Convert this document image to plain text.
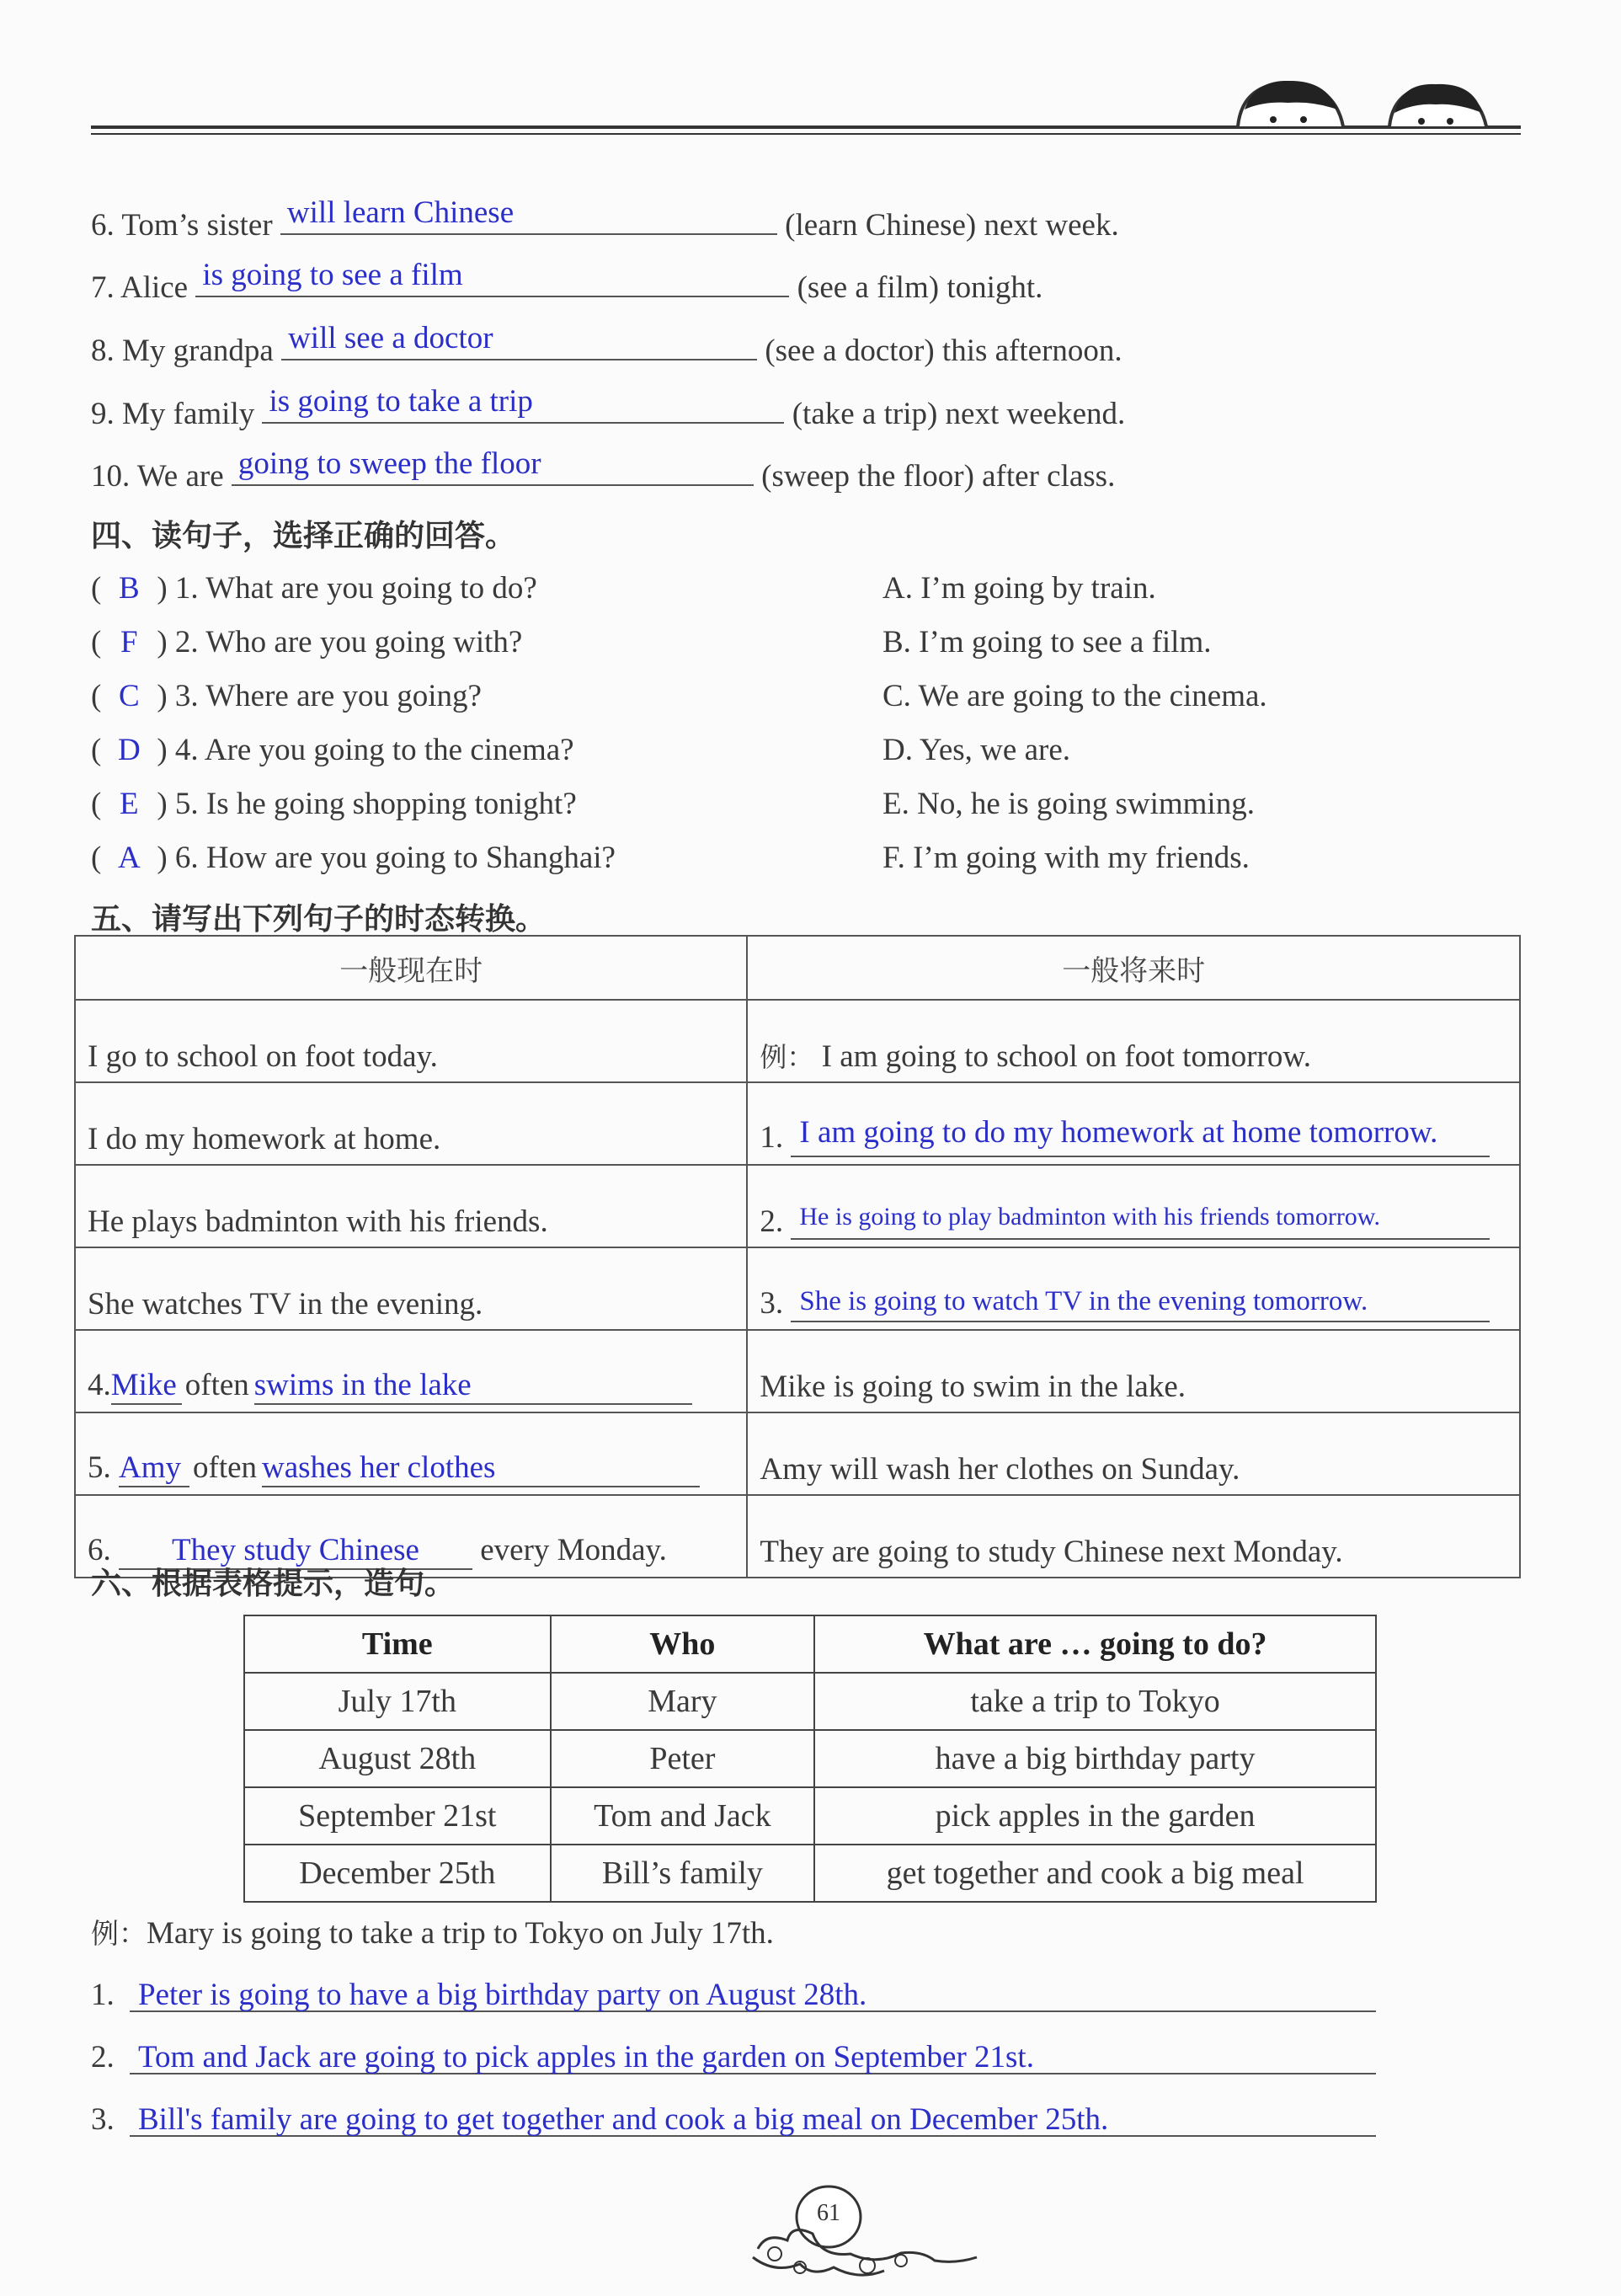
6. Tom’s sister will learn Chinese	(learn Chinese) next week.
7. Alice is going to see a film	(see a film) tonight.
8. My grandpa will see a doctor	(see a doctor) this afternoon.
9. My family is going to take a trip	(take a trip) next weekend.
10. We are going to sweep the floor	(sweep the floor) after class.
四、读句子，选择正确的回答。
( B ) 1. What are you going to do?
( F ) 2. Who are you going with?
( C ) 3. Where are you going?
( D ) 4. Are you going to the cinema?
( E ) 5. Is he going shopping tonight?
( A ) 6. How are you going to Shanghai?
A. I’m going by train.
B. I’m going to see a film.
C. We are going to the cinema.
D. Yes, we are.
E. No, he is going swimming.
F. I’m going with my friends.
五、请写出下列句子的时态转换。
一般现在时	一般将来时
I go to school on foot today.	例： I am going to school on foot tomorrow.
I do my homework at home.	1. I am going to do my homework at home tomorrow.
He plays badminton with his friends.	2. He is going to play badminton with his friends tomorrow.
She watches TV in the evening.	3. She is going to watch TV in the evening tomorrow.
4.Mike often swims in the lake	Mike is going to swim in the lake.
5. Amy often washes her clothes	Amy will wash her clothes on Sunday.
6. They study Chinese every Monday.	They are going to study Chinese next Monday.
六、根据表格提示，造句。
Time	Who	What are … going to do?
July 17th	Mary	take a trip to Tokyo
August 28th	Peter	have a big birthday party
September 21st	Tom and Jack	pick apples in the garden
December 25th	Bill’s family	get together and cook a big meal
例：Mary is going to take a trip to Tokyo on July 17th.
1. Peter is going to have a big birthday party on August 28th.
2. Tom and Jack are going to pick apples in the garden on September 21st.
3. Bill's family are going to get together and cook a big meal on December 25th.
61
